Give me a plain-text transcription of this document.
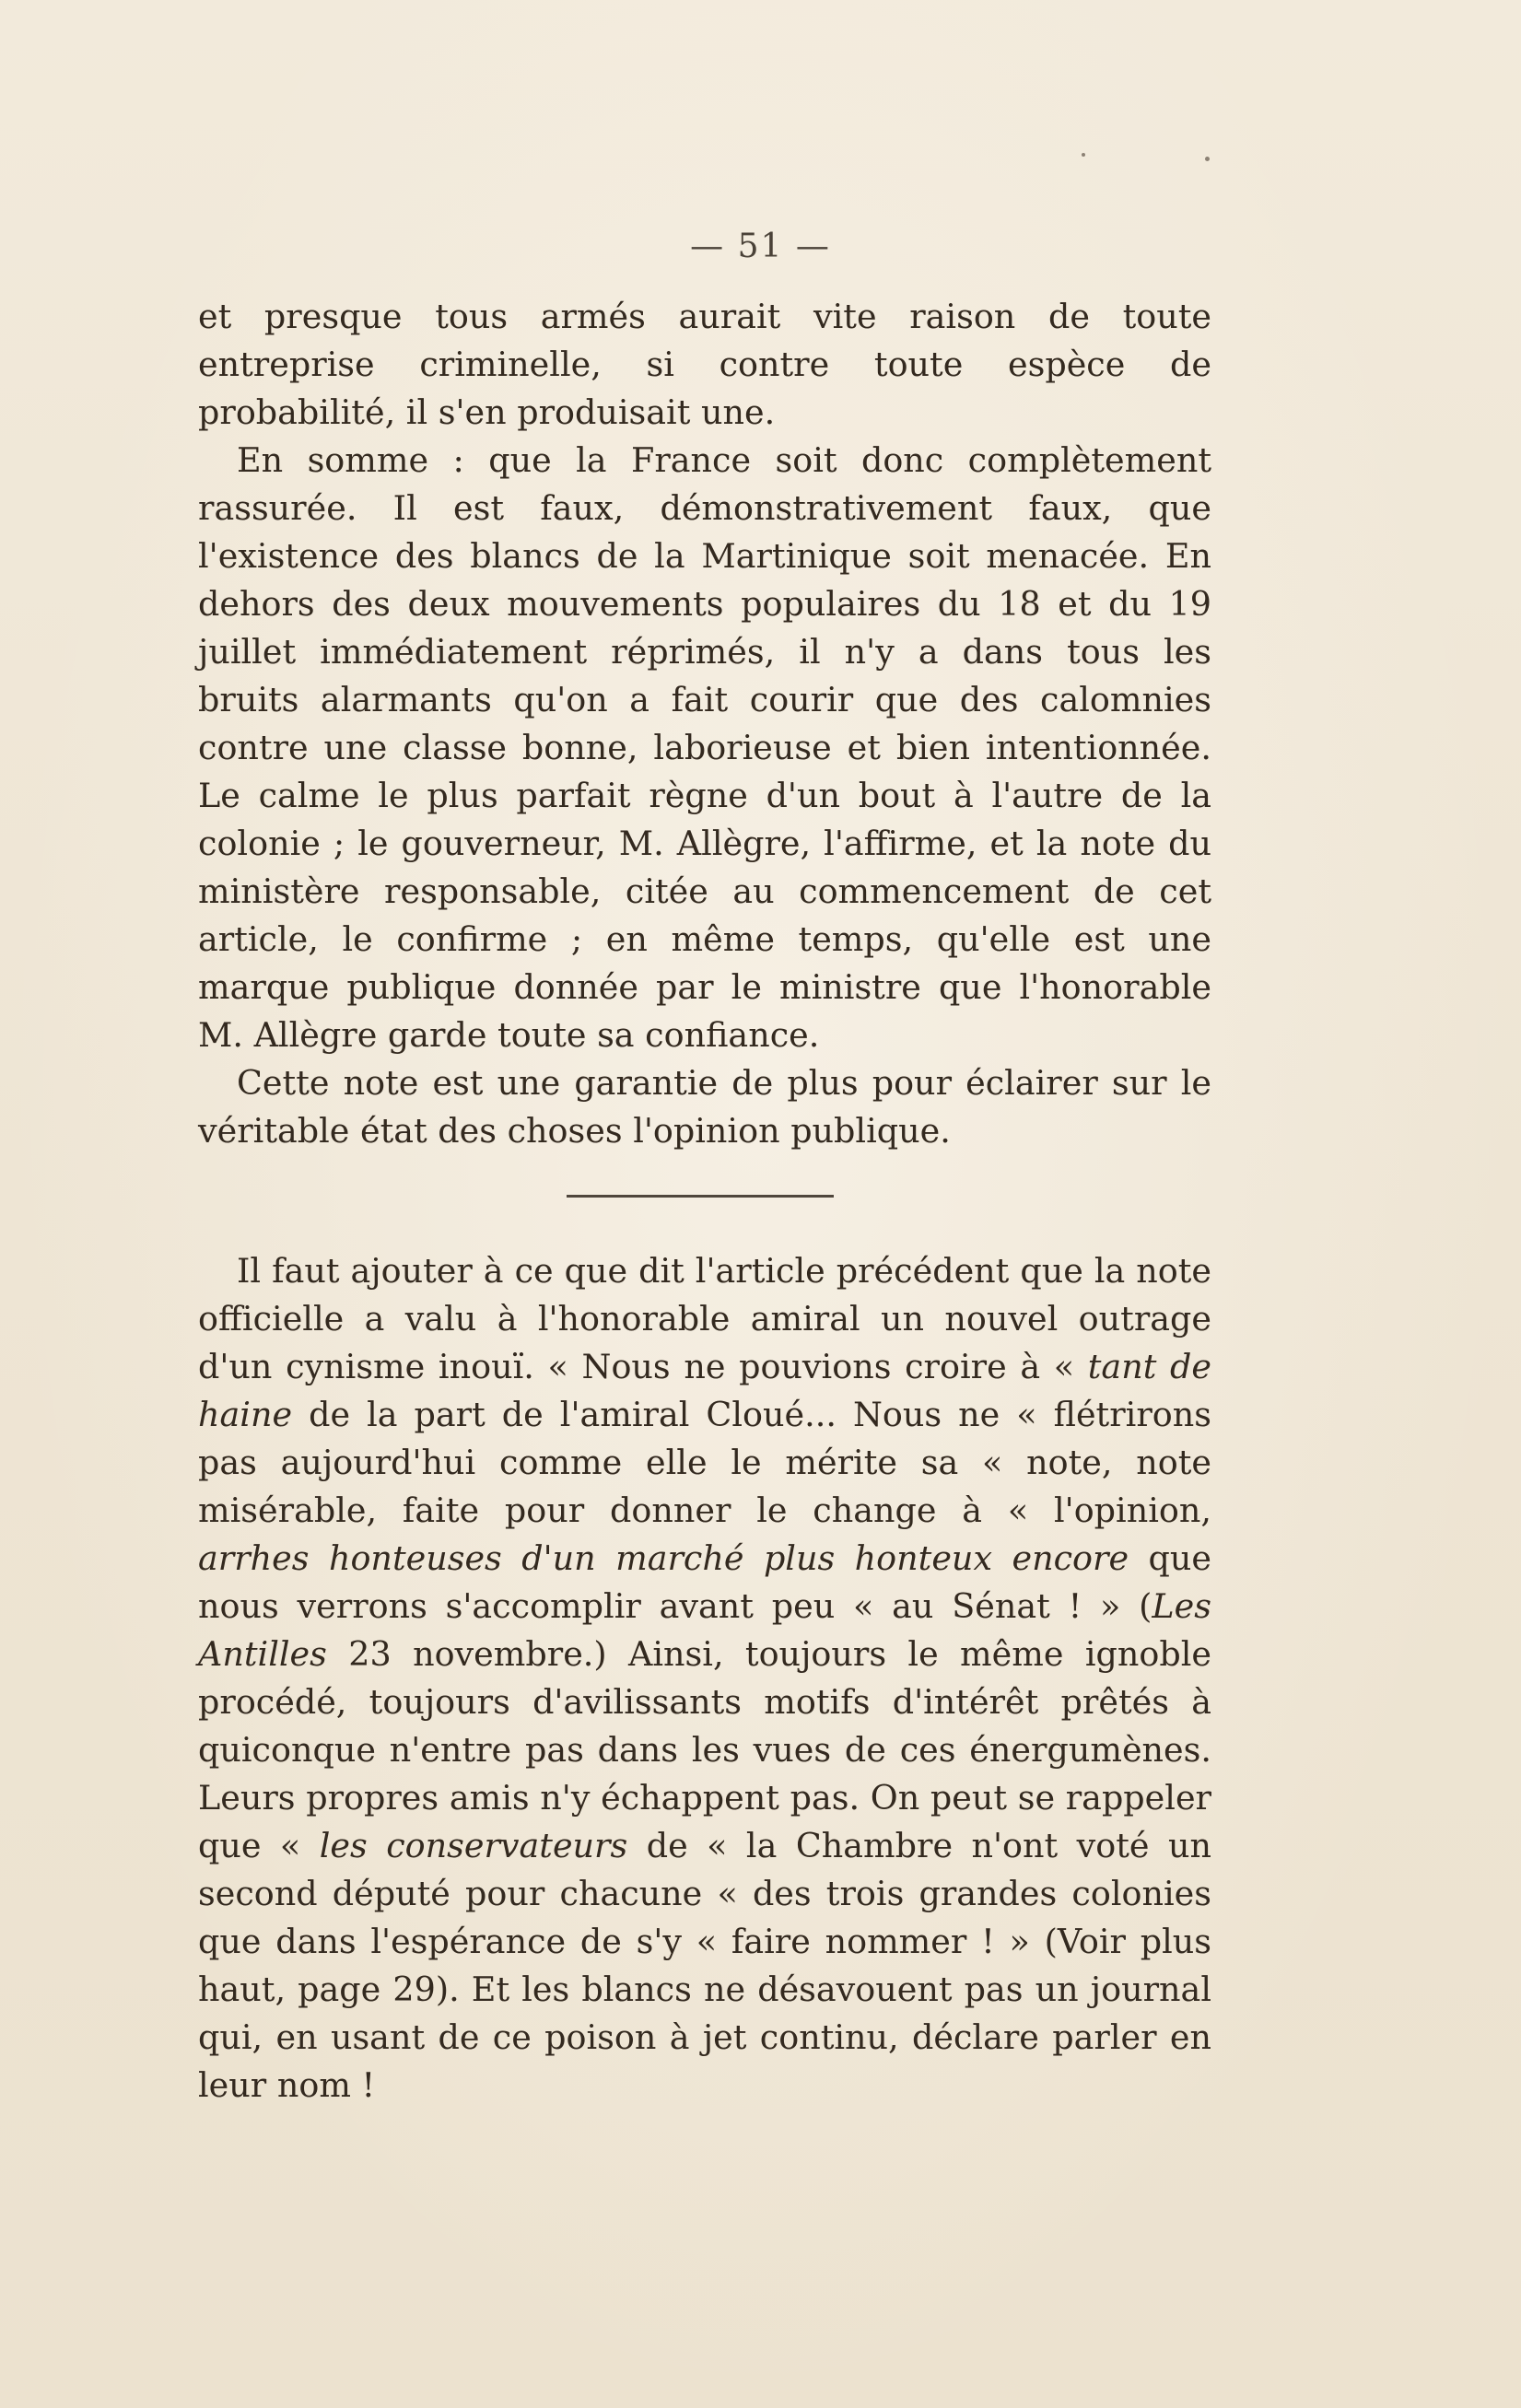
— 51 —

et presque tous armés aurait vite raison de toute entreprise criminelle, si contre toute espèce de probabilité, il s'en produisait une.

En somme : que la France soit donc complètement rassurée. Il est faux, démonstrativement faux, que l'existence des blancs de la Martinique soit menacée. En dehors des deux mouvements populaires du 18 et du 19 juillet immédiatement réprimés, il n'y a dans tous les bruits alarmants qu'on a fait courir que des calomnies contre une classe bonne, laborieuse et bien intentionnée. Le calme le plus parfait règne d'un bout à l'autre de la colonie ; le gouverneur, M. Allègre, l'affirme, et la note du ministère responsable, citée au commencement de cet article, le confirme ; en même temps, qu'elle est une marque publique donnée par le ministre que l'honorable M. Allègre garde toute sa confiance.

Cette note est une garantie de plus pour éclairer sur le véritable état des choses l'opinion publique.

Il faut ajouter à ce que dit l'article précédent que la note officielle a valu à l'honorable amiral un nouvel outrage d'un cynisme inouï. « Nous ne pouvions croire à « tant de haine de la part de l'amiral Cloué... Nous ne « flétrirons pas aujourd'hui comme elle le mérite sa « note, note misérable, faite pour donner le change à « l'opinion, arrhes honteuses d'un marché plus honteux encore que nous verrons s'accomplir avant peu « au Sénat ! » (Les Antilles 23 novembre.) Ainsi, toujours le même ignoble procédé, toujours d'avilissants motifs d'intérêt prêtés à quiconque n'entre pas dans les vues de ces énergumènes. Leurs propres amis n'y échappent pas. On peut se rappeler que « les conservateurs de « la Chambre n'ont voté un second député pour chacune « des trois grandes colonies que dans l'espérance de s'y « faire nommer ! » (Voir plus haut, page 29). Et les blancs ne désavouent pas un journal qui, en usant de ce poison à jet continu, déclare parler en leur nom !
